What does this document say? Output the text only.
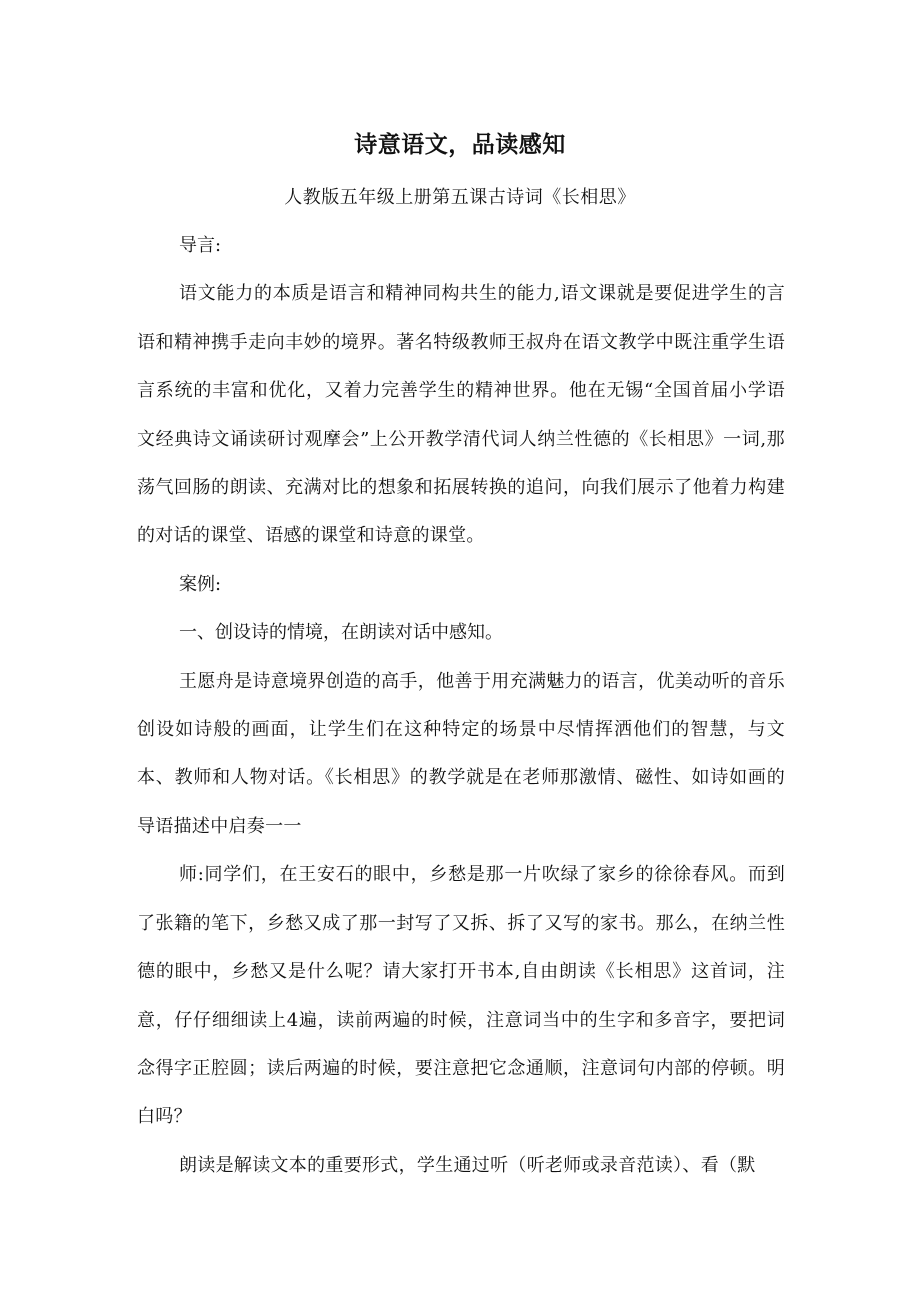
诗意语文，品读感知
人教版五年级上册第五课古诗词《长相思》

导言:

语文能力的本质是语言和精神同构共生的能力,语文课就是要促进学生的言语和精神携手走向丰妙的境界。著名特级教师王叔舟在语文教学中既注重学生语言系统的丰富和优化，又着力完善学生的精神世界。他在无锡“全国首届小学语文经典诗文诵读研讨观摩会”上公开教学清代词人纳兰性德的《长相思》一词,那荡气回肠的朗读、充满对比的想象和拓展转换的追问，向我们展示了他着力构建的对话的课堂、语感的课堂和诗意的课堂。

案例:

一、创设诗的情境，在朗读对话中感知。

王愿舟是诗意境界创造的高手，他善于用充满魅力的语言，优美动听的音乐创设如诗般的画面，让学生们在这种特定的场景中尽情挥洒他们的智慧，与文本、教师和人物对话。《长相思》的教学就是在老师那激情、磁性、如诗如画的导语描述中启奏一一

师:同学们，在王安石的眼中，乡愁是那一片吹绿了家乡的徐徐春风。而到了张籍的笔下，乡愁又成了那一封写了又拆、拆了又写的家书。那么，在纳兰性德的眼中，乡愁又是什么呢？请大家打开书本,自由朗读《长相思》这首词，注意，仔仔细细读上4遍，读前两遍的时候，注意词当中的生字和多音字，要把词念得字正腔圆；读后两遍的时候，要注意把它念通顺，注意词句内部的停顿。明白吗？

朗读是解读文本的重要形式，学生通过听（听老师或录音范读）、看（默
